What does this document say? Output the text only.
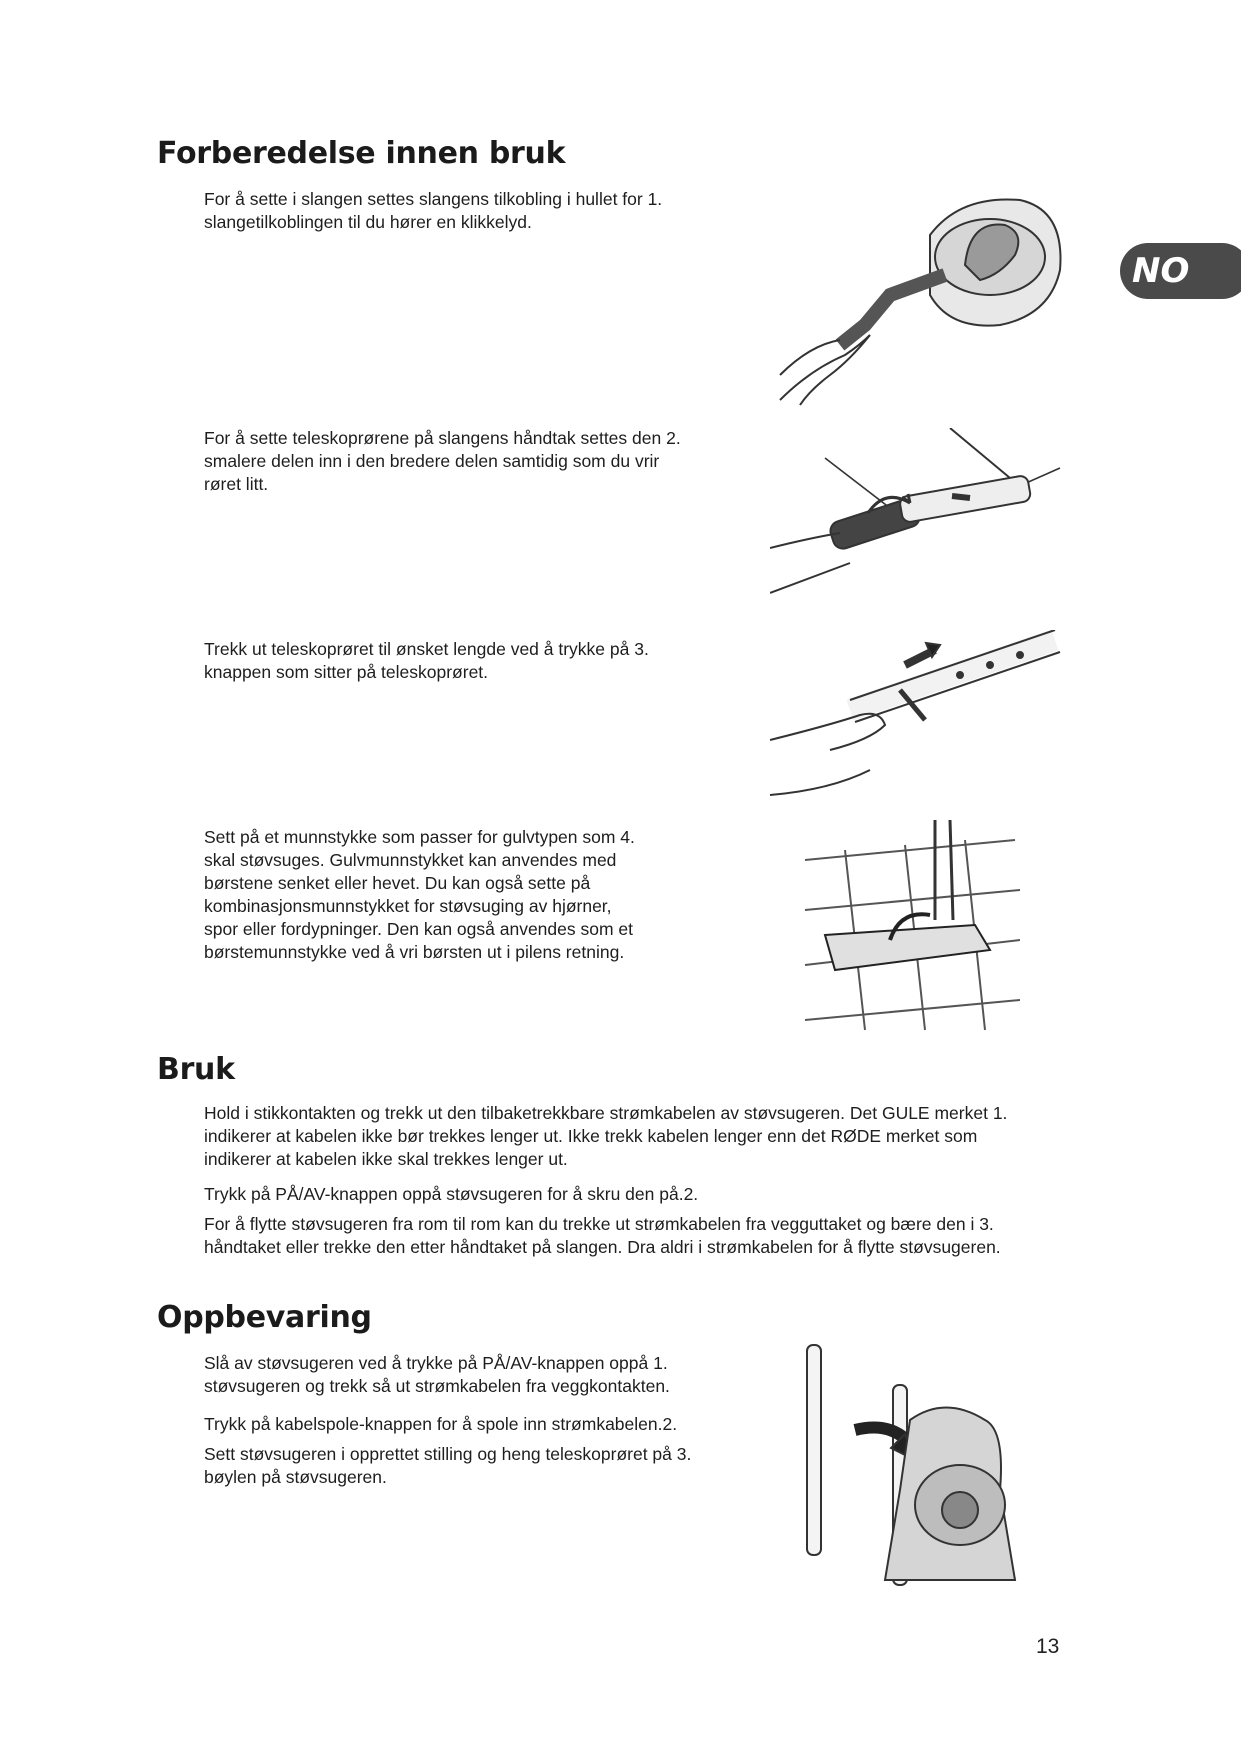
NO
Forberedelse innen bruk
For å sette i slangen settes slangens tilkobling i hullet for 1.
slangetilkoblingen til du hører en klikkelyd.
For å sette teleskoprørene på slangens håndtak settes den 2.
smalere delen inn i den bredere delen samtidig som du vrir
røret litt.
Trekk ut teleskoprøret til ønsket lengde ved å trykke på 3.
knappen som sitter på teleskoprøret.
Sett på et munnstykke som passer for gulvtypen som 4.
skal støvsuges. Gulvmunnstykket kan anvendes med
børstene senket eller hevet. Du kan også sette på
kombinasjonsmunnstykket for støvsuging av hjørner,
spor eller fordypninger. Den kan også anvendes som et
børstemunnstykke ved å vri børsten ut i pilens retning.
Bruk
Hold i stikkontakten og trekk ut den tilbaketrekkbare strømkabelen av støvsugeren. Det GULE merket 1.
indikerer at kabelen ikke bør trekkes lenger ut. Ikke trekk kabelen lenger enn det RØDE merket som
indikerer at kabelen ikke skal trekkes lenger ut.
Trykk på PÅ/AV-knappen oppå støvsugeren for å skru den på.2.
For å flytte støvsugeren fra rom til rom kan du trekke ut strømkabelen fra vegguttaket og bære den i 3.
håndtaket eller trekke den etter håndtaket på slangen. Dra aldri i strømkabelen for å flytte støvsugeren.
Oppbevaring
Slå av støvsugeren ved å trykke på PÅ/AV-knappen oppå 1.
støvsugeren og trekk så ut strømkabelen fra veggkontakten.
Trykk på kabelspole-knappen for å spole inn strømkabelen.2.
Sett støvsugeren i opprettet stilling og heng teleskoprøret på 3.
bøylen på støvsugeren.
13
